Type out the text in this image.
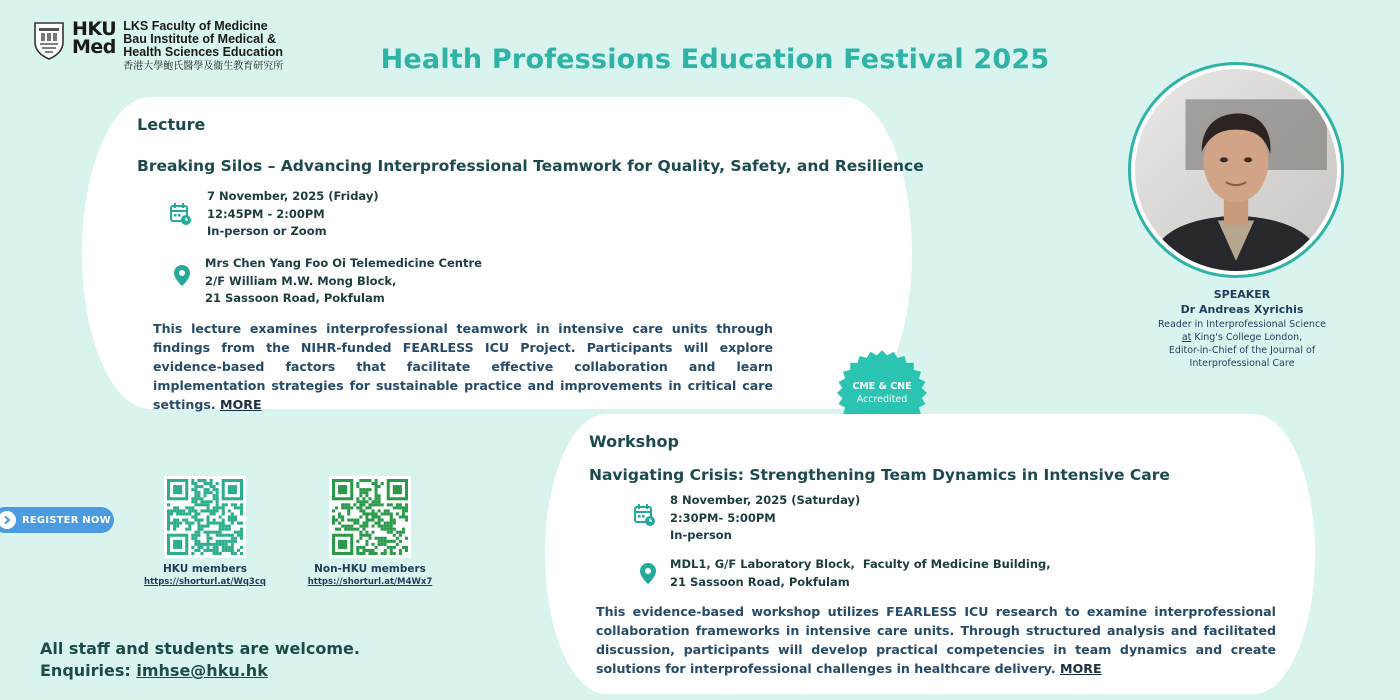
HKU
Med
LKS Faculty of Medicine
Bau Institute of Medical &
Health Sciences Education
香港大學鮑氏醫學及衞生教育研究所	Health Professions Education Festival 2025
Lecture
Breaking Silos – Advancing Interprofessional Teamwork for Quality, Safety, and Resilience
7 November, 2025 (Friday)
12:45PM - 2:00PM
In-person or Zoom
Mrs Chen Yang Foo Oi Telemedicine Centre
2/F William M.W. Mong Block,
21 Sassoon Road, Pokfulam
This lecture examines interprofessional teamwork in intensive care units through findings from the NIHR-funded FEARLESS ICU Project. Participants will explore evidence-based factors that facilitate effective collaboration and learn implementation strategies for sustainable practice and improvements in critical care settings. MORE
CME & CNE
Accredited
SPEAKER
Dr Andreas Xyrichis
Reader in Interprofessional Science
at King's College London,
Editor-in-Chief of the Journal of
Interprofessional Care
Workshop
Navigating Crisis: Strengthening Team Dynamics in Intensive Care
8 November, 2025 (Saturday)
2:30PM- 5:00PM
In-person
MDL1, G/F Laboratory Block,  Faculty of Medicine Building,
21 Sassoon Road, Pokfulam
This evidence-based workshop utilizes FEARLESS ICU research to examine interprofessional collaboration frameworks in intensive care units. Through structured analysis and facilitated discussion, participants will develop practical competencies in team dynamics and create solutions for interprofessional challenges in healthcare delivery. MORE
REGISTER NOW
HKU members
https://shorturl.at/Wq3cq
Non-HKU members
https://shorturl.at/M4Wx7
All staff and students are welcome.
Enquiries: imhse@hku.hk
